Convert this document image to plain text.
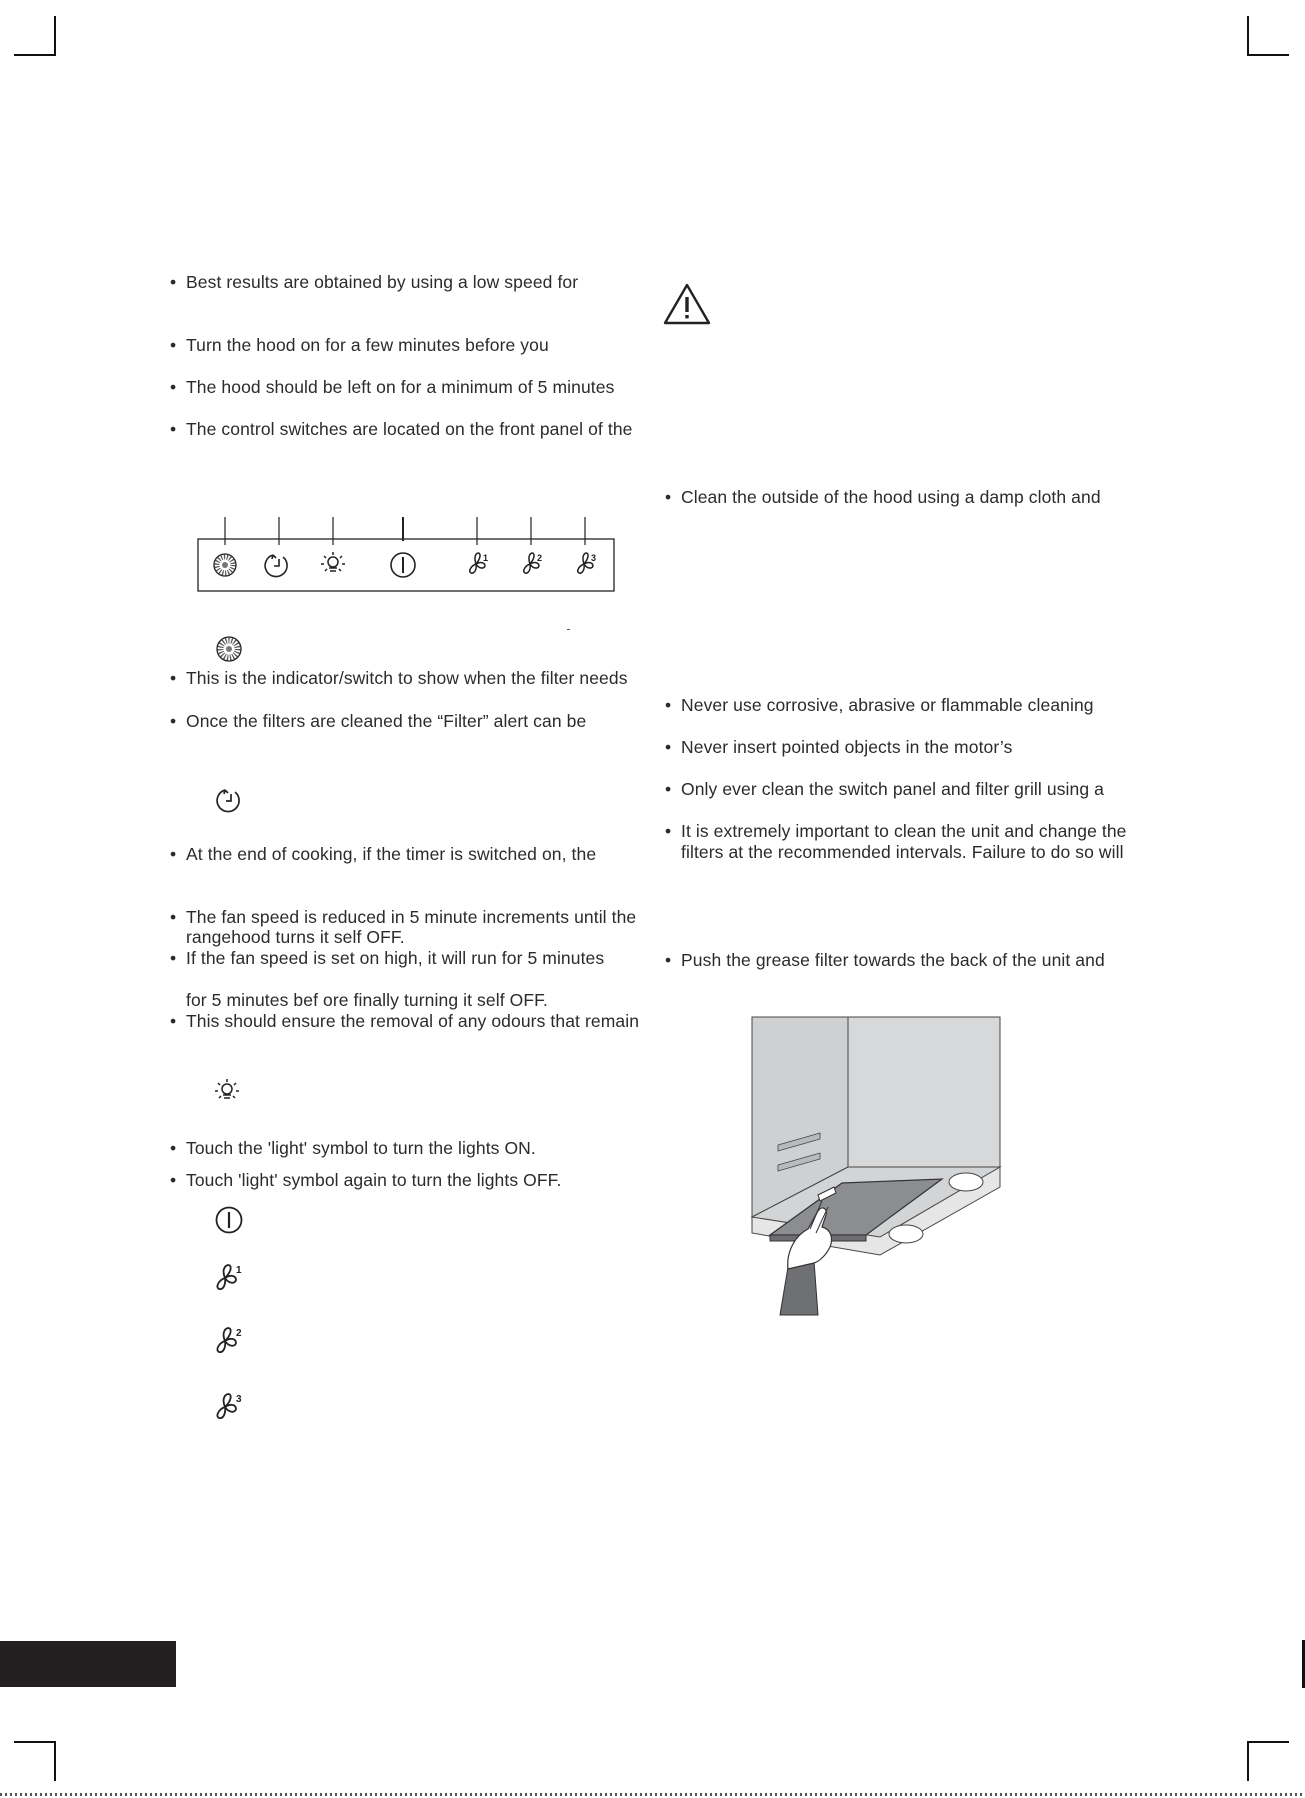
• Best results are obtained by using a low speed for
• Turn the hood on for a few minutes before you
• The hood should be left on for a minimum of 5 minutes
• The control switches are located on the front panel of the
1	2	3
• This is the indicator/switch to show when the filter needs
• Once the filters are cleaned the “Filter” alert can be
• At the end of cooking, if the timer is switched on, the
• The fan speed is reduced in 5 minute increments until the
rangehood turns it self OFF.
• If the fan speed is set on high, it will run for 5 minutes
for 5 minutes bef ore finally turning it self OFF.
• This should ensure the removal of any odours that remain
• Touch the 'light' symbol to turn the lights ON.
• Touch 'light' symbol again to turn the lights OFF.
1
2
3
• Clean the outside of the hood using a damp cloth and
• Never use corrosive, abrasive or flammable cleaning
• Never insert pointed objects in the motor’s
• Only ever clean the switch panel and filter grill using a
• It is extremely important to clean the unit and change the
filters at the recommended intervals. Failure to do so will
• Push the grease filter towards the back of the unit and
